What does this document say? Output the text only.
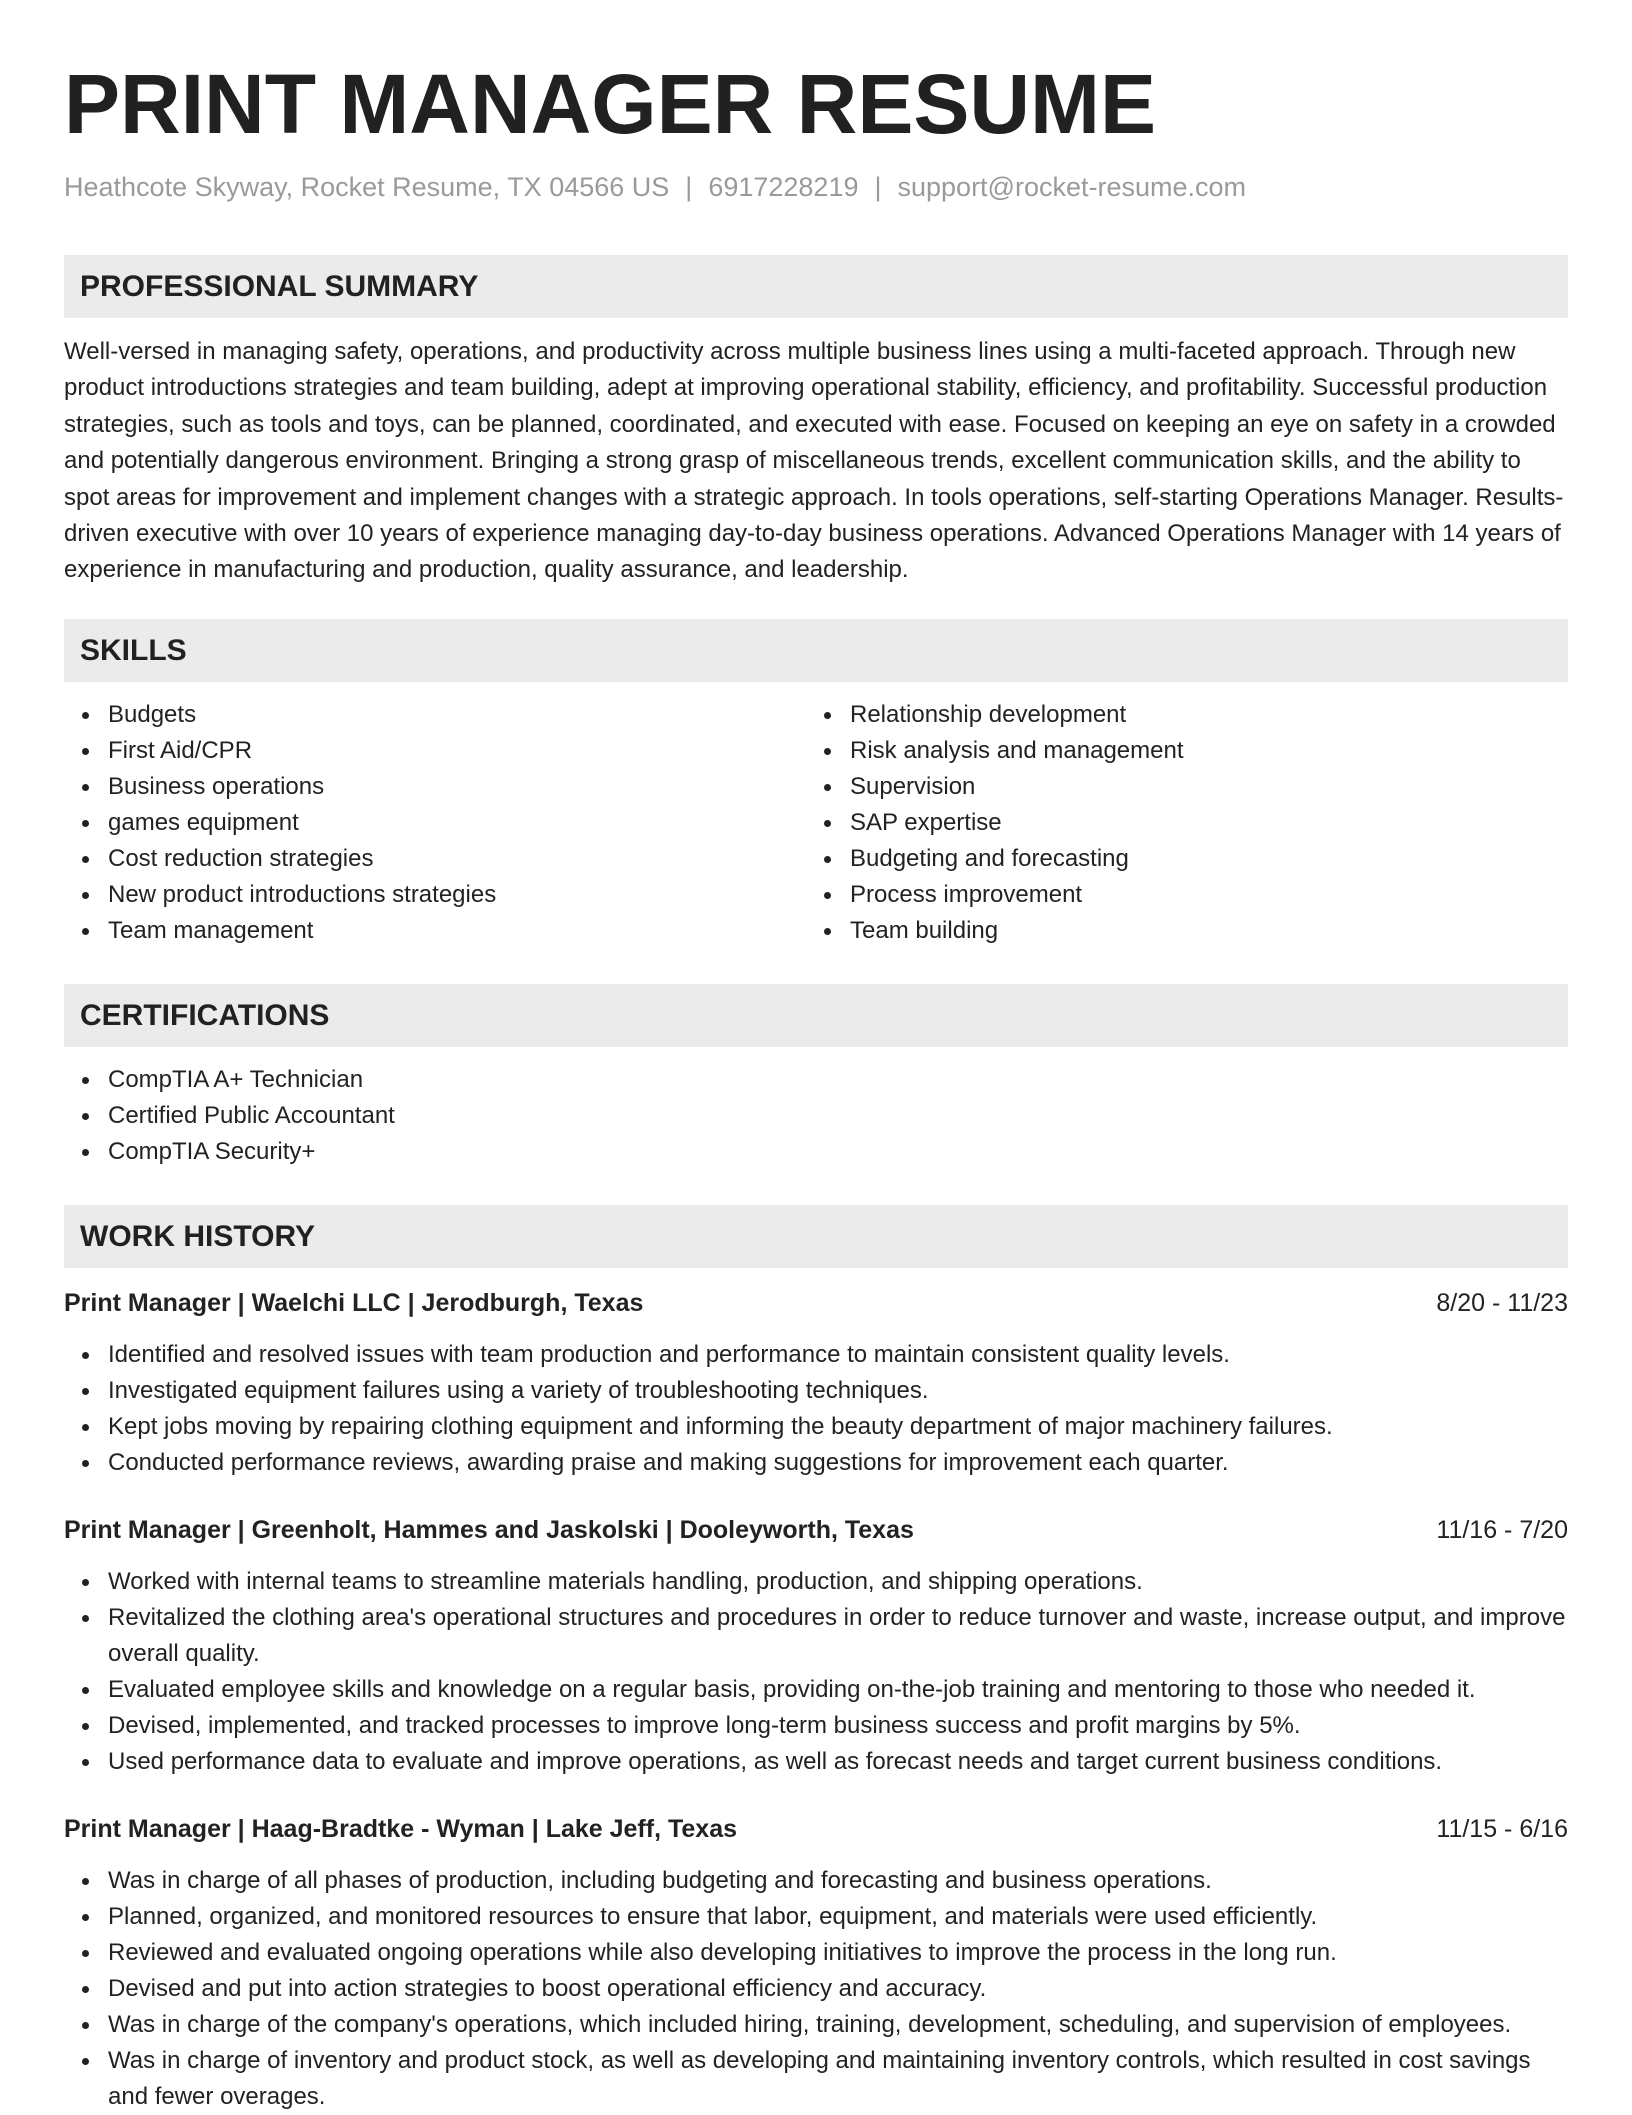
PRINT MANAGER RESUME
Heathcote Skyway, Rocket Resume, TX 04566 US | 6917228219 | support@rocket-resume.com
PROFESSIONAL SUMMARY

Well-versed in managing safety, operations, and productivity across multiple business lines using a multi-faceted approach. Through new product introductions strategies and team building, adept at improving operational stability, efficiency, and profitability. Successful production strategies, such as tools and toys, can be planned, coordinated, and executed with ease. Focused on keeping an eye on safety in a crowded and potentially dangerous environment. Bringing a strong grasp of miscellaneous trends, excellent communication skills, and the ability to spot areas for improvement and implement changes with a strategic approach. In tools operations, self-starting Operations Manager. Results-driven executive with over 10 years of experience managing day-to-day business operations. Advanced Operations Manager with 14 years of experience in manufacturing and production, quality assurance, and leadership.

SKILLS
Budgets
First Aid/CPR
Business operations
games equipment
Cost reduction strategies
New product introductions strategies
Team management
Relationship development
Risk analysis and management
Supervision
SAP expertise
Budgeting and forecasting
Process improvement
Team building
CERTIFICATIONS
CompTIA A+ Technician
Certified Public Accountant
CompTIA Security+
WORK HISTORY
Print Manager | Waelchi LLC | Jerodburgh, Texas	8/20 - 11/23
Identified and resolved issues with team production and performance to maintain consistent quality levels.
Investigated equipment failures using a variety of troubleshooting techniques.
Kept jobs moving by repairing clothing equipment and informing the beauty department of major machinery failures.
Conducted performance reviews, awarding praise and making suggestions for improvement each quarter.
Print Manager | Greenholt, Hammes and Jaskolski | Dooleyworth, Texas	11/16 - 7/20
Worked with internal teams to streamline materials handling, production, and shipping operations.
Revitalized the clothing area's operational structures and procedures in order to reduce turnover and waste, increase output, and improve overall quality.
Evaluated employee skills and knowledge on a regular basis, providing on-the-job training and mentoring to those who needed it.
Devised, implemented, and tracked processes to improve long-term business success and profit margins by 5%.
Used performance data to evaluate and improve operations, as well as forecast needs and target current business conditions.
Print Manager | Haag-Bradtke - Wyman | Lake Jeff, Texas	11/15 - 6/16
Was in charge of all phases of production, including budgeting and forecasting and business operations.
Planned, organized, and monitored resources to ensure that labor, equipment, and materials were used efficiently.
Reviewed and evaluated ongoing operations while also developing initiatives to improve the process in the long run.
Devised and put into action strategies to boost operational efficiency and accuracy.
Was in charge of the company's operations, which included hiring, training, development, scheduling, and supervision of employees.
Was in charge of inventory and product stock, as well as developing and maintaining inventory controls, which resulted in cost savings and fewer overages.
